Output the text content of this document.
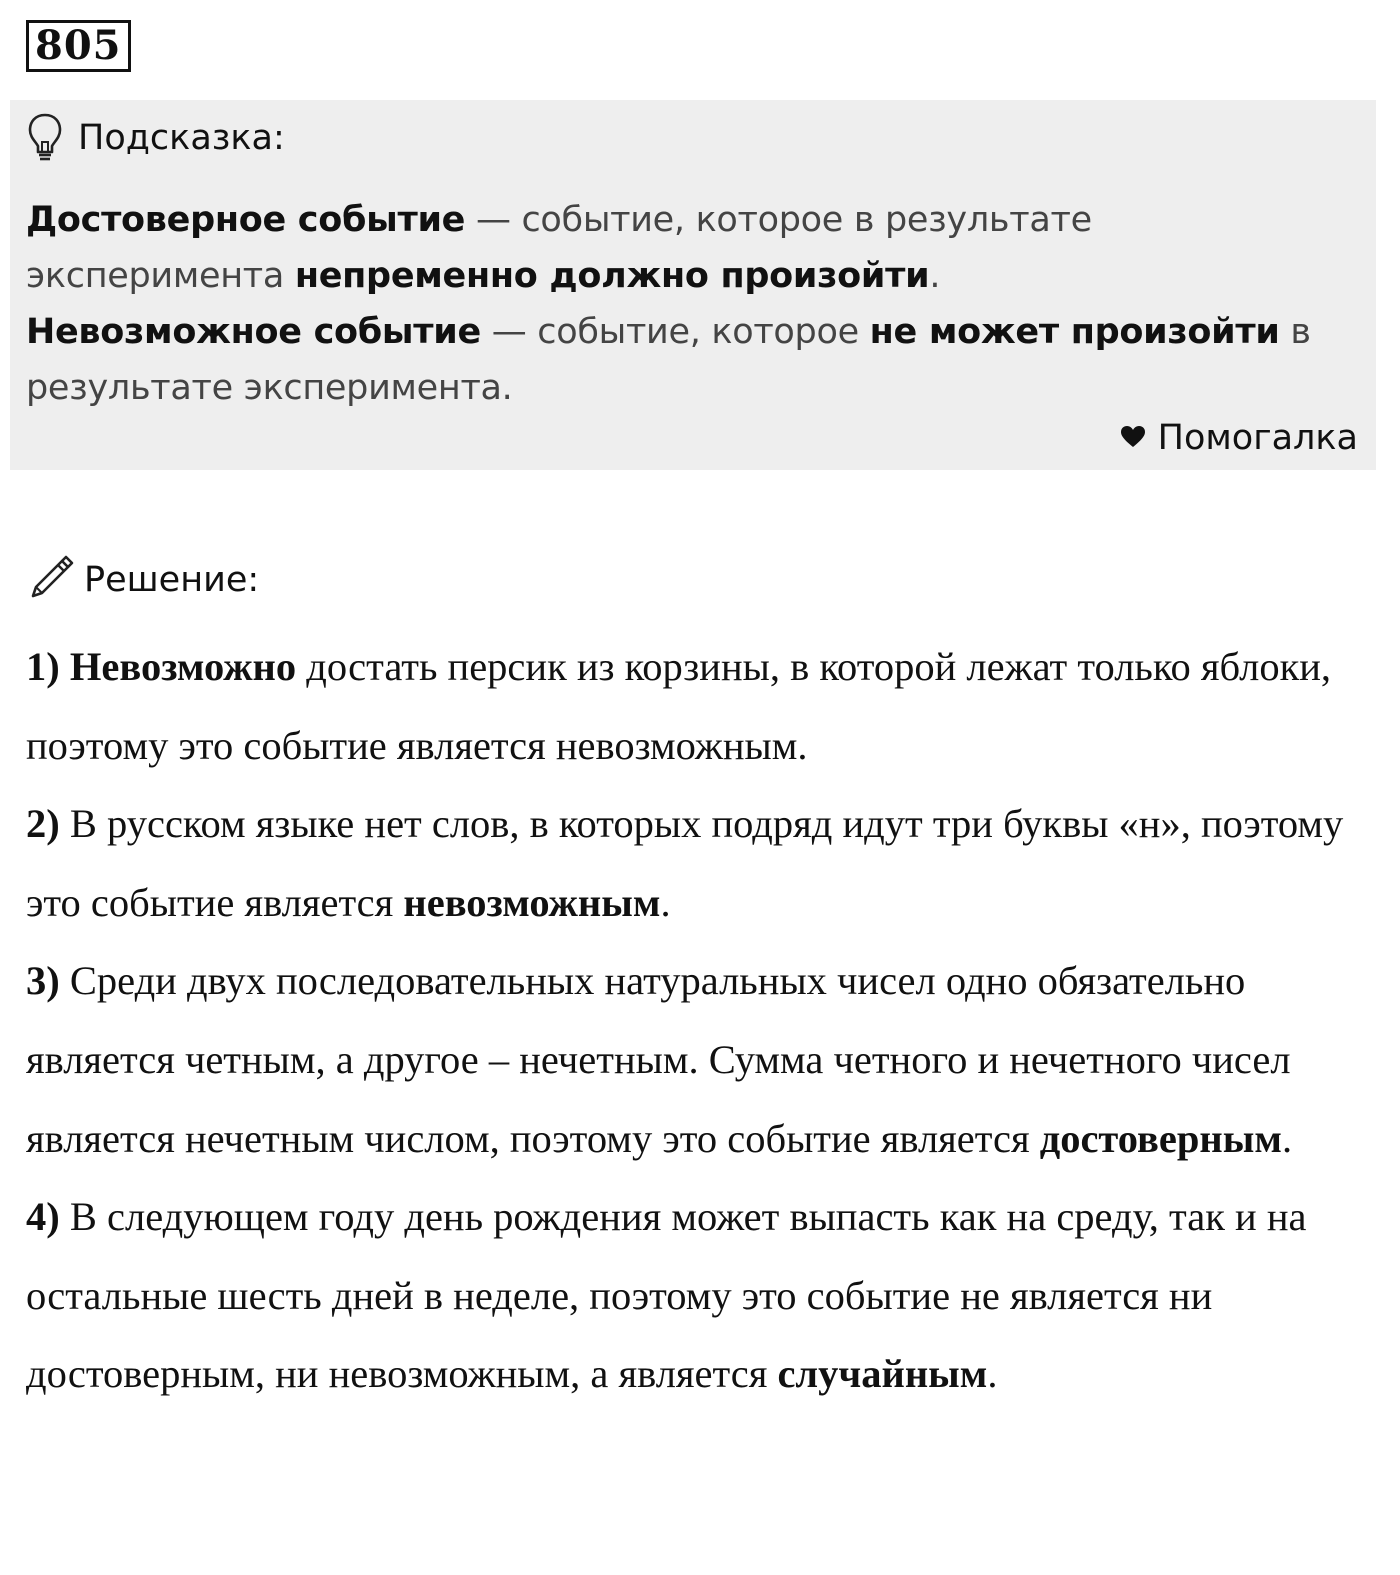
805
Подсказка:
Достоверное событие — событие, которое в результате эксперимента непременно должно произойти.
Невозможное событие — событие, которое не может произойти в результате эксперимента.
Помогалка
Решение:

1) Невозможно достать персик из корзины, в которой лежат только яблоки, поэтому это событие является невозможным.

2) В русском языке нет слов, в которых подряд идут три буквы «н», поэтому это событие является невозможным.

3) Среди двух последовательных натуральных чисел одно обязательно является четным, а другое – нечетным. Сумма четного и нечетного чисел является нечетным числом, поэтому это событие является достоверным.

4) В следующем году день рождения может выпасть как на среду, так и на остальные шесть дней в неделе, поэтому это событие не является ни достоверным, ни невозможным, а является случайным.
